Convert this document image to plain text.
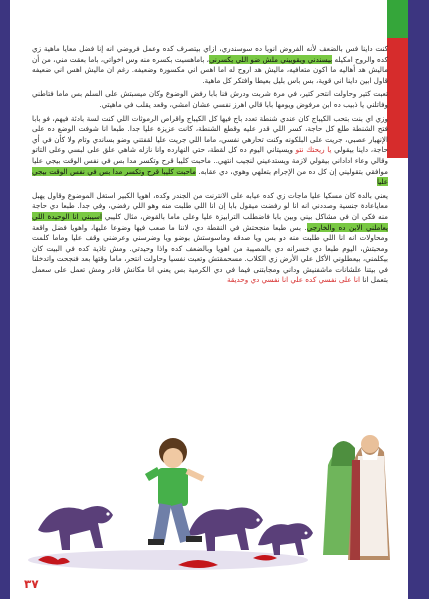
كنت داينا فس بالضعف لأنه الفروض انويا ده سوسندري، ازاي بيتصرف كده وعمل فروضي انه إنا فضل معايا ماهية زي كده والروح امكيله بيسندني ويقوييني ملش ضو اللي يكسرني، باماهسيت بكسره منه وس اخواتي، باما بعقت مني، من أن ماليش هد أهاليه ما اكون متعافيه، ماليش هد اروح له اما اهس اني مكسورة وضعيفه. رغم ان ماليش اهس اني ضعيفه قاول ابين داينا اني قوية، بس باس بليل بعيطا وافتكر كل ماهية.

تعبت كتير وحاولت انتحر كتير، في مرة شربت ودرش فنا بابا رفض الوضوع وكان ميسبتش على السلم بس ماما فتاطني وفاتلني يا ذبيب ده ابن مرفوض ويومها بابا قالي اهرز نفسي عشان امشي، وقعد يقلب في ماهيتي.

وزي اي بنت بتحب الكيباج كان عندي شنطة تعدد باج فيها كل الكيباج واقراص الرموثات اللي كنت لسة بادئة فيهم، فو بابا فتح الشنطة طلع كل حاجة، كسر اللي قدر عليه وقطع الشنطة، كانت عزيزة عليا جدا. طبعا انا شوفت الوضع ده على الإنهيار عصبي، جريت على البلكونه وكنت تحارهي نفسي، ماما اللي جريت عليا لقفتني وضو بساندي وتام ولا كأن في أي حاجة، داينا بيقولي يا ريحتك نتو ويسيتاني اليوم ده كل لقطة، حتي النهارده وانا نازله شاهي علق على لبسي وعلى التاتو وقالي وعاء اداداني بيقولي لازمة ويستدعيني لنجيب انتهي.. ماحبت كليبا قرح وتكسر مدا بس في نفس الوقت بيجي عليا موافقي بتقوليني إن كل ده من الإجرام بتعلهي وهوي، دي عقابه. ماحبت كليبا قرح وتكسر مدا بس في نفس الوقت بيجي عليا

يعني بالدة كان مسكيا عليا ماجات زي كده عيابه على الانترنت من الجندر وكده، اهويا الكبير استغل الموضوع وقاول يهبل معاياعادة جنسية وصددني انه انا لو رفضت ميقول بابا إن انا اللي طلبت منه وهو اللي رفضي، وفي جدا. طبعا دي حاجة منه فكي ان في مشاكل بيني وبين بابا فاضطلب الترابيزة عليا وعلى ماما بالقوض، مثال كليبي اسيبني انا الوحيدة اللي يعاملني الابن ده والخارجي. بس طبعا منجحتش في النقطة دي، لاننا ما صعب فيها وضوعا عليها، واهويا فضل واقعة ومحاولات انه انا اللي طلبت منه دو بس ويا صدقه وماسوستش بوضو ويا وضرسني وعرضني وقف عليا وماما كلمت ومحبتش، اليوم طبعا دي خسرانه دي بالمصيبة من اهويا وبالضعف كده واذا وحيدتي. ومش تاذية كده في البيت كان بيكلمني، بيعطلوني الأكل علي الأرض زي الكلاب. مسحمقتش وتعبت نفسيا وحاولت انتحر، ماما وقتها بعد فنجحت واتدخلنا في بيتنا علشانات ماشفنيش وداني ومجابتنى فيما في دي الكرمية بس يعني انا مكانش قادر ومش تعمل على سعمل بتعمل انا انا على نفسي كده علي انا نفسي دي وحديقة

٣٧
